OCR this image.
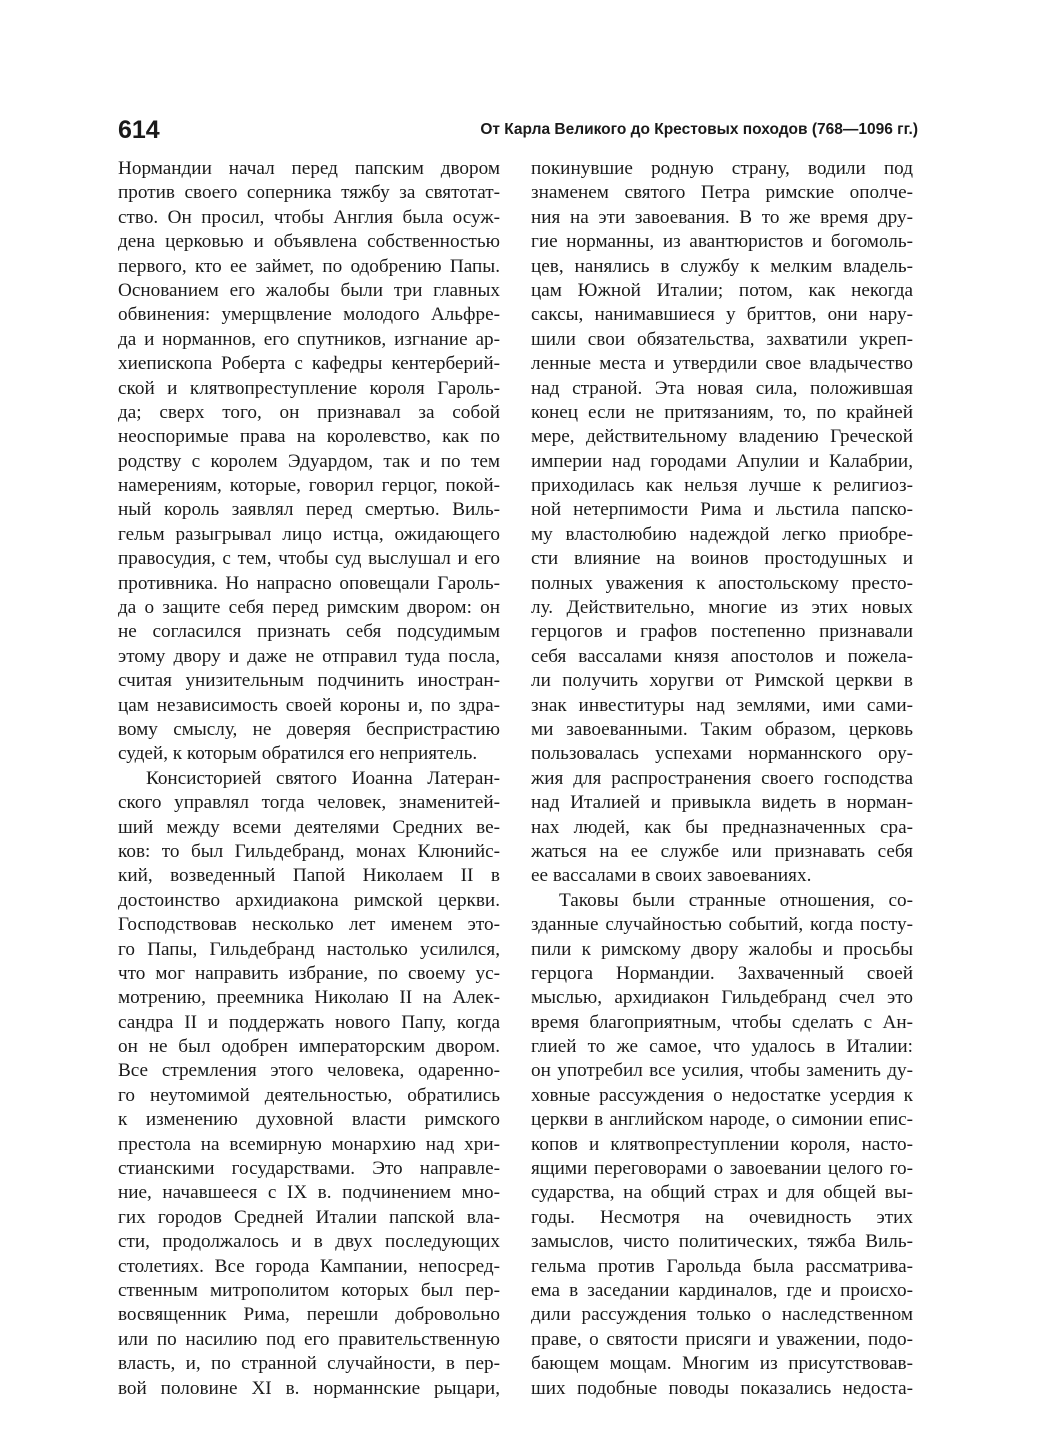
614	От Карла Великого до Крестовых походов (768—1096 гг.)
Нормандии начал перед папским двором
против своего соперника тяжбу за святотат-
ство. Он просил, чтобы Англия была осуж-
дена церковью и объявлена собственностью
первого, кто ее займет, по одобрению Папы.
Основанием его жалобы были три главных
обвинения: умерщвление молодого Альфре-
да и норманнов, его спутников, изгнание ар-
хиепископа Роберта с кафедры кентерберий-
ской и клятвопреступление короля Гароль-
да; сверх того, он признавал за собой
неоспоримые права на королевство, как по
родству с королем Эдуардом, так и по тем
намерениям, которые, говорил герцог, покой-
ный король заявлял перед смертью. Виль-
гельм разыгрывал лицо истца, ожидающего
правосудия, с тем, чтобы суд выслушал и его
противника. Но напрасно оповещали Гароль-
да о защите себя перед римским двором: он
не согласился признать себя подсудимым
этому двору и даже не отправил туда посла,
считая унизительным подчинить иностран-
цам независимость своей короны и, по здра-
вому смыслу, не доверяя беспристрастию
судей, к которым обратился его неприятель.
Консисторией святого Иоанна Латеран-
ского управлял тогда человек, знаменитей-
ший между всеми деятелями Средних ве-
ков: то был Гильдебранд, монах Клюнийс-
кий, возведенный Папой Николаем II в
достоинство архидиакона римской церкви.
Господствовав несколько лет именем это-
го Папы, Гильдебранд настолько усилился,
что мог направить избрание, по своему ус-
мотрению, преемника Николаю II на Алек-
сандра II и поддержать нового Папу, когда
он не был одобрен императорским двором.
Все стремления этого человека, одаренно-
го неутомимой деятельностью, обратились
к изменению духовной власти римского
престола на всемирную монархию над хри-
стианскими государствами. Это направле-
ние, начавшееся с IX в. подчинением мно-
гих городов Средней Италии папской вла-
сти, продолжалось и в двух последующих
столетиях. Все города Кампании, непосред-
ственным митрополитом которых был пер-
восвященник Рима, перешли добровольно
или по насилию под его правительственную
власть, и, по странной случайности, в пер-
вой половине XI в. норманнские рыцари,
покинувшие родную страну, водили под
знаменем святого Петра римские ополче-
ния на эти завоевания. В то же время дру-
гие норманны, из авантюристов и богомоль-
цев, нанялись в службу к мелким владель-
цам Южной Италии; потом, как некогда
саксы, нанимавшиеся у бриттов, они нару-
шили свои обязательства, захватили укреп-
ленные места и утвердили свое владычество
над страной. Эта новая сила, положившая
конец если не притязаниям, то, по крайней
мере, действительному владению Греческой
империи над городами Апулии и Калабрии,
приходилась как нельзя лучше к религиоз-
ной нетерпимости Рима и льстила папско-
му властолюбию надеждой легко приобре-
сти влияние на воинов простодушных и
полных уважения к апостольскому престо-
лу. Действительно, многие из этих новых
герцогов и графов постепенно признавали
себя вассалами князя апостолов и пожела-
ли получить хоругви от Римской церкви в
знак инвеституры над землями, ими сами-
ми завоеванными. Таким образом, церковь
пользовалась успехами норманнского ору-
жия для распространения своего господства
над Италией и привыкла видеть в норман-
нах людей, как бы предназначенных сра-
жаться на ее службе или признавать себя
ее вассалами в своих завоеваниях.
Таковы были странные отношения, со-
зданные случайностью событий, когда посту-
пили к римскому двору жалобы и просьбы
герцога Нормандии. Захваченный своей
мыслью, архидиакон Гильдебранд счел это
время благоприятным, чтобы сделать с Ан-
глией то же самое, что удалось в Италии:
он употребил все усилия, чтобы заменить ду-
ховные рассуждения о недостатке усердия к
церкви в английском народе, о симонии епис-
копов и клятвопреступлении короля, насто-
ящими переговорами о завоевании целого го-
сударства, на общий страх и для общей вы-
годы. Несмотря на очевидность этих
замыслов, чисто политических, тяжба Виль-
гельма против Гарольда была рассматрива-
ема в заседании кардиналов, где и происхо-
дили рассуждения только о наследственном
праве, о святости присяги и уважении, подо-
бающем мощам. Многим из присутствовав-
ших подобные поводы показались недоста-
